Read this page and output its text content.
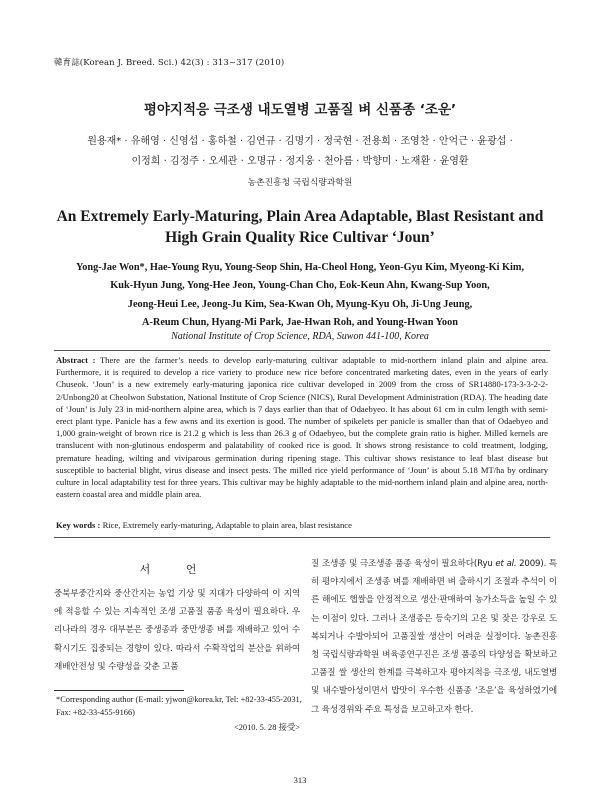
韓育誌(Korean J. Breed. Sci.) 42(3) : 313~317 (2010)
평야지적응 극조생 내도열병 고품질 벼 신품종 ‘조운’
원용재* · 유해영 · 신영섭 · 홍하철 · 김연규 · 김명기 · 정국현 · 전용희 · 조영찬 · 안억근 · 윤광섭 ·
이정희 · 김정주 · 오세관 · 오명규 · 정지웅 · 천아름 · 박향미 · 노재환 · 윤영환
농촌진흥청 국립식량과학원
An Extremely Early-Maturing, Plain Area Adaptable, Blast Resistant and
High Grain Quality Rice Cultivar ‘Joun’
Yong-Jae Won*, Hae-Young Ryu, Young-Seop Shin, Ha-Cheol Hong, Yeon-Gyu Kim, Myeong-Ki Kim,
Kuk-Hyun Jung, Yong-Hee Jeon, Young-Chan Cho, Eok-Keun Ahn, Kwang-Sup Yoon,
Jeong-Heui Lee, Jeong-Ju Kim, Sea-Kwan Oh, Myung-Kyu Oh, Ji-Ung Jeung,
A-Reum Chun, Hyang-Mi Park, Jae-Hwan Roh, and Young-Hwan Yoon
National Institute of Crop Science, RDA, Suwon 441-100, Korea
Abstract : There are the farmer’s needs to develop early-maturing cultivar adaptable to mid-northern inland plain and alpine area. Furthermore, it is required to develop a rice variety to produce new rice before concentrated marketing dates, even in the years of early Chuseok. ‘Joun’ is a new extremely early-maturing japonica rice cultivar developed in 2009 from the cross of SR14880-173-3-3-2-2-2/Unbong20 at Cheolwon Substation, National Institute of Crop Science (NICS), Rural Development Administration (RDA). The heading date of ‘Joun’ is July 23 in mid-northern alpine area, which is 7 days earlier than that of Odaebyeo. It has about 61 cm in culm length with semi-erect plant type. Panicle has a few awns and its exertion is good. The number of spikelets per panicle is smaller than that of Odaebyeo and 1,000 grain-weight of brown rice is 21.2 g which is less than 26.3 g of Odaebyeo, but the complete grain ratio is higher. Milled kernels are translucent with non-glutinous endosperm and palatability of cooked rice is good. It shows strong resistance to cold treatment, lodging, premature heading, wilting and viviparous germination during ripening stage. This cultivar shows resistance to leaf blast disease but susceptible to bacterial blight, virus disease and insect pests. The milled rice yield performance of ‘Joun’ is about 5.18 MT/ha by ordinary culture in local adaptability test for three years. This cultivar may be highly adaptable to the mid-northern inland plain and alpine area, north-eastern coastal area and middle plain area.
Key words : Rice, Extremely early-maturing, Adaptable to plain area, blast resistance
서 언
중북부중간지와 중산간지는 농업 기상 및 지대가 다양하여 이 지역에 적응할 수 있는 지속적인 조생 고품질 품종 육성이 필요하다. 우리나라의 경우 대부분은 중생종과 중만생종 벼를 재배하고 있어 수확시기도 집중되는 경향이 있다. 따라서 수확작업의 분산을 위하여 재배안전성 및 수량성을 갖춘 고품
질 조생종 및 극조생종 품종 육성이 필요하다(Ryu et al. 2009). 특히 평야지에서 조생종 벼를 재배하면 벼 출하시기 조절과 추석이 이른 해에도 햅쌀을 안정적으로 생산·판매하여 농가소득을 높일 수 있는 이점이 있다. 그러나 조생종은 등숙기의 고온 및 잦은 강우로 도복되거나 수발아되어 고품질쌀 생산이 어려운 실정이다. 농촌진흥청 국립식량과학원 벼육종연구진은 조생 품종의 다양성을 확보하고 고품질 쌀 생산의 한계를 극복하고자 평야지적응 극조생, 내도열병 및 내수발아성이면서 밥맛이 우수한 신품종 ‘조운’을 육성하였기에 그 육성경위와 주요 특성을 보고하고자 한다.
*Corresponding author (E-mail: yjwon@korea.kr, Tel: +82-33-455-2031, Fax: +82-33-455-9166)
<2010. 5. 28 接受>
313
